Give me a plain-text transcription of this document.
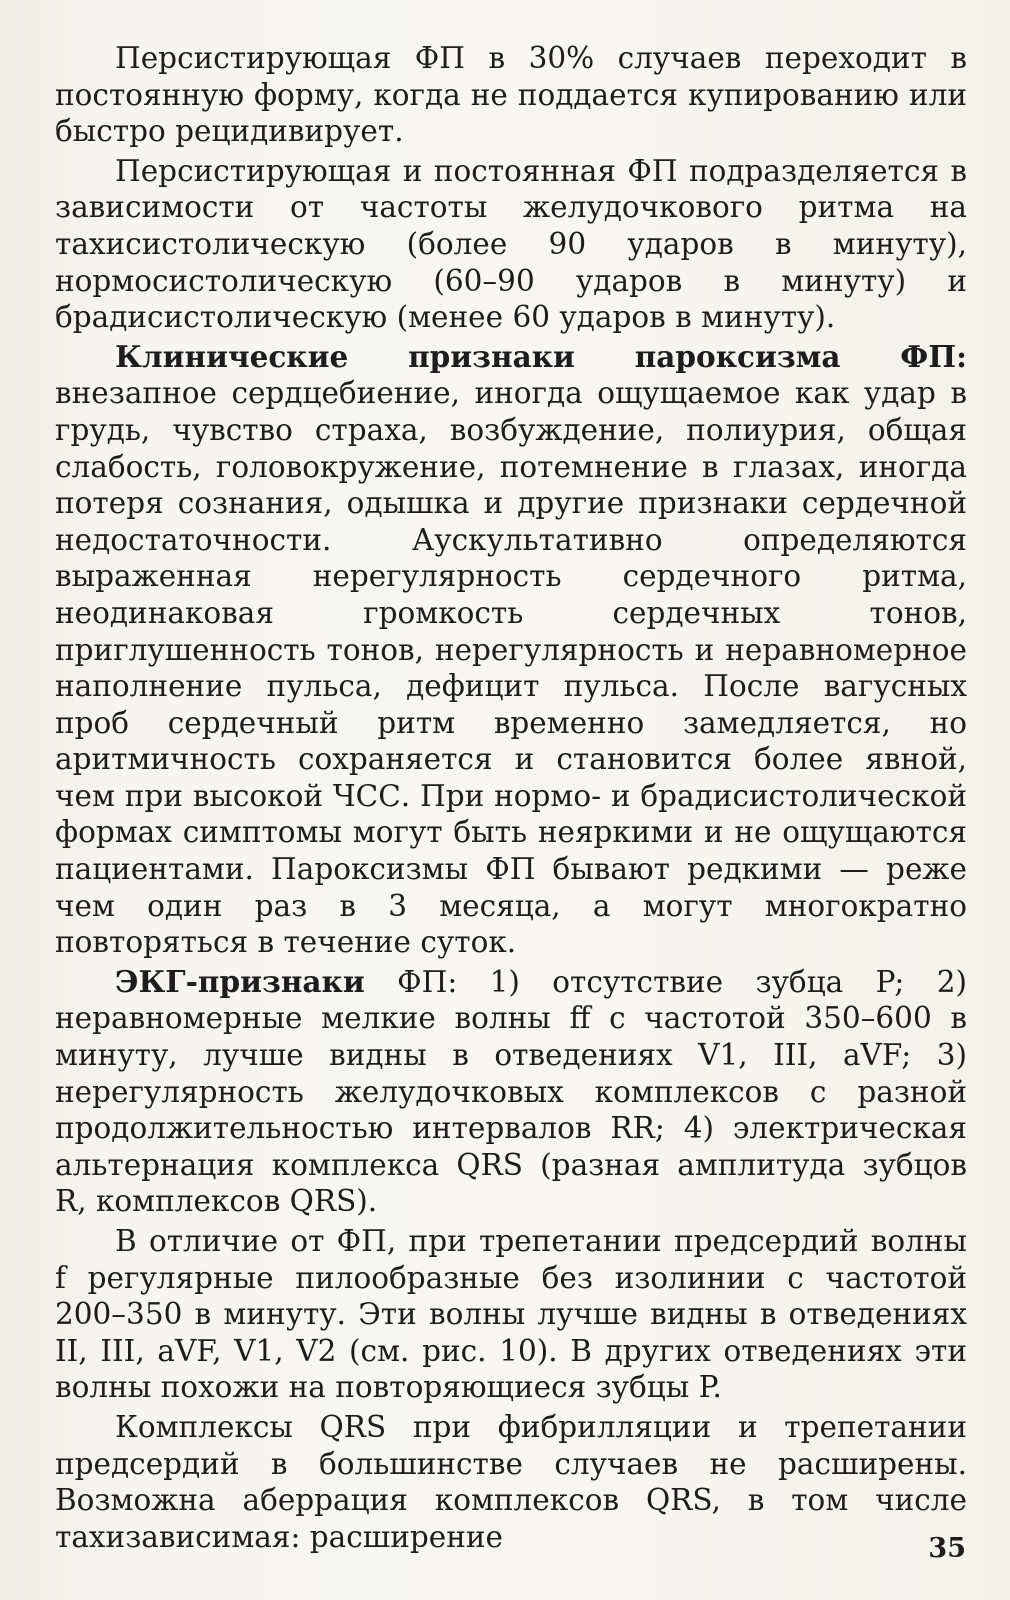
Персистирующая ФП в 30% случаев переходит в постоянную форму, когда не поддается купированию или быстро рецидивирует.

Персистирующая и постоянная ФП подразделяется в зависимости от частоты желудочкового ритма на тахисистолическую (более 90 ударов в минуту), нормосистолическую (60–90 ударов в минуту) и брадисистолическую (менее 60 ударов в минуту).

Клинические признаки пароксизма ФП: внезапное сердцебиение, иногда ощущаемое как удар в грудь, чувство страха, возбуждение, полиурия, общая слабость, головокружение, потемнение в глазах, иногда потеря сознания, одышка и другие признаки сердечной недостаточности. Аускультативно определяются выраженная нерегулярность сердечного ритма, неодинаковая громкость сердечных тонов, приглушенность тонов, нерегулярность и неравномерное наполнение пульса, дефицит пульса. После вагусных проб сердечный ритм временно замедляется, но аритмичность сохраняется и становится более явной, чем при высокой ЧСС. При нормо- и брадисистолической формах симптомы могут быть неяркими и не ощущаются пациентами. Пароксизмы ФП бывают редкими — реже чем один раз в 3 месяца, а могут многократно повторяться в течение суток.

ЭКГ-признаки ФП: 1) отсутствие зубца P; 2) неравномерные мелкие волны ff с частотой 350–600 в минуту, лучше видны в отведениях V1, III, aVF; 3) нерегулярность желудочковых комплексов с разной продолжительностью интервалов RR; 4) электрическая альтернация комплекса QRS (разная амплитуда зубцов R, комплексов QRS).

В отличие от ФП, при трепетании предсердий волны f регулярные пилообразные без изолинии с частотой 200–350 в минуту. Эти волны лучше видны в отведениях II, III, aVF, V1, V2 (см. рис. 10). В других отведениях эти волны похожи на повторяющиеся зубцы P.

Комплексы QRS при фибрилляции и трепетании предсердий в большинстве случаев не расширены. Возможна аберрация комплексов QRS, в том числе тахизависимая: расширение	35
